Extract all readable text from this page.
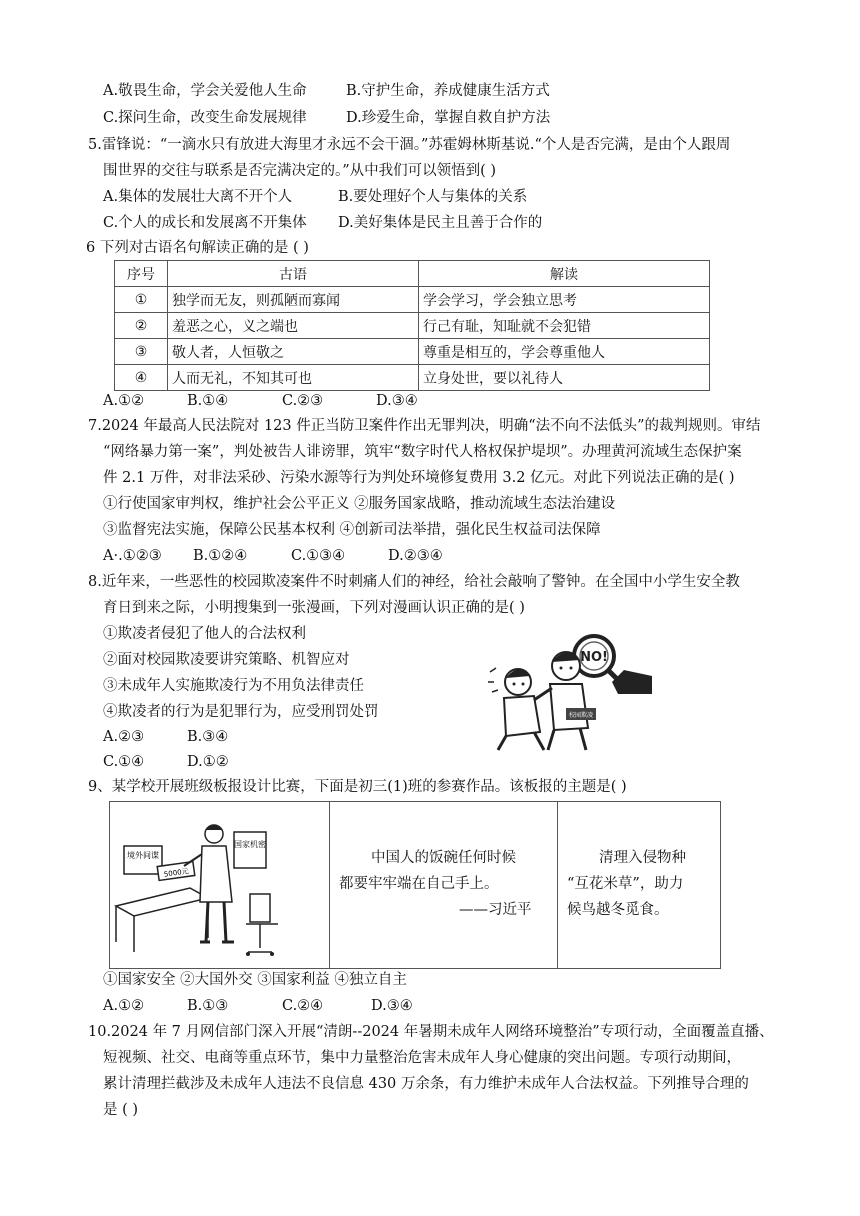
A.敬畏生命，学会关爱他人生命	B.守护生命，养成健康生活方式
C.探问生命，改变生命发展规律	D.珍爱生命，掌握自救自护方法
5.雷锋说：“一滴水只有放进大海里才永远不会干涸。”苏霍姆林斯基说.“个人是否完满，是由个人跟周
围世界的交往与联系是否完满决定的。”从中我们可以领悟到( )
A.集体的发展壮大离不开个人	B.要处理好个人与集体的关系
C.个人的成长和发展离不开集体 D.美好集体是民主且善于合作的
6 下列对古语名句解读正确的是 ( )
序号	古语	解读
①	独学而无友，则孤陋而寡闻	学会学习，学会独立思考
②	羞恶之心，义之端也	行己有耻，知耻就不会犯错
③	敬人者，人恒敬之	尊重是相互的，学会尊重他人
④	人而无礼，不知其可也	立身处世，要以礼待人
A.①②	B.①④	C.②③	D.③④
7.2024 年最高人民法院对 123 件正当防卫案件作出无罪判决，明确“法不向不法低头”的裁判规则。审结
“网络暴力第一案”，判处被告人诽谤罪，筑牢“数字时代人格权保护堤坝”。办理黄河流域生态保护案
件 2.1 万件，对非法采砂、污染水源等行为判处环境修复费用 3.2 亿元。对此下列说法正确的是( )
①行使国家审判权，维护社会公平正义 ②服务国家战略，推动流域生态法治建设
③监督宪法实施，保障公民基本权利 ④创新司法举措，强化民生权益司法保障
A·.①②③ B.①②④	C.①③④	D.②③④
8.近年来，一些恶性的校园欺凌案件不时刺痛人们的神经，给社会敲响了警钟。在全国中小学生安全教
育日到来之际，小明搜集到一张漫画，下列对漫画认识正确的是( )
①欺凌者侵犯了他人的合法权利
②面对校园欺凌要讲究策略、机智应对
③未成年人实施欺凌行为不用负法律责任
④欺凌者的行为是犯罪行为，应受刑罚处罚
A.②③	B.③④
C.①④	D.①②
NO!
校园欺凌
9、某学校开展班级板报设计比赛，下面是初三(1)班的参赛作品。该板报的主题是( )
境外间谍
5000元
国家机密
中国人的饭碗任何时候
都要牢牢端在自己手上。
——习近平
清理入侵物种
“互花米草”，助力
候鸟越冬觅食。
①国家安全 ②大国外交 ③国家利益 ④独立自主
A.①②	B.①③	C.②④	D.③④
10.2024 年 7 月网信部门深入开展“清朗--2024 年暑期未成年人网络环境整治”专项行动，全面覆盖直播、
短视频、社交、电商等重点环节，集中力量整治危害未成年人身心健康的突出问题。专项行动期间，
累计清理拦截涉及未成年人违法不良信息 430 万余条，有力维护未成年人合法权益。下列推导合理的
是 ( )
